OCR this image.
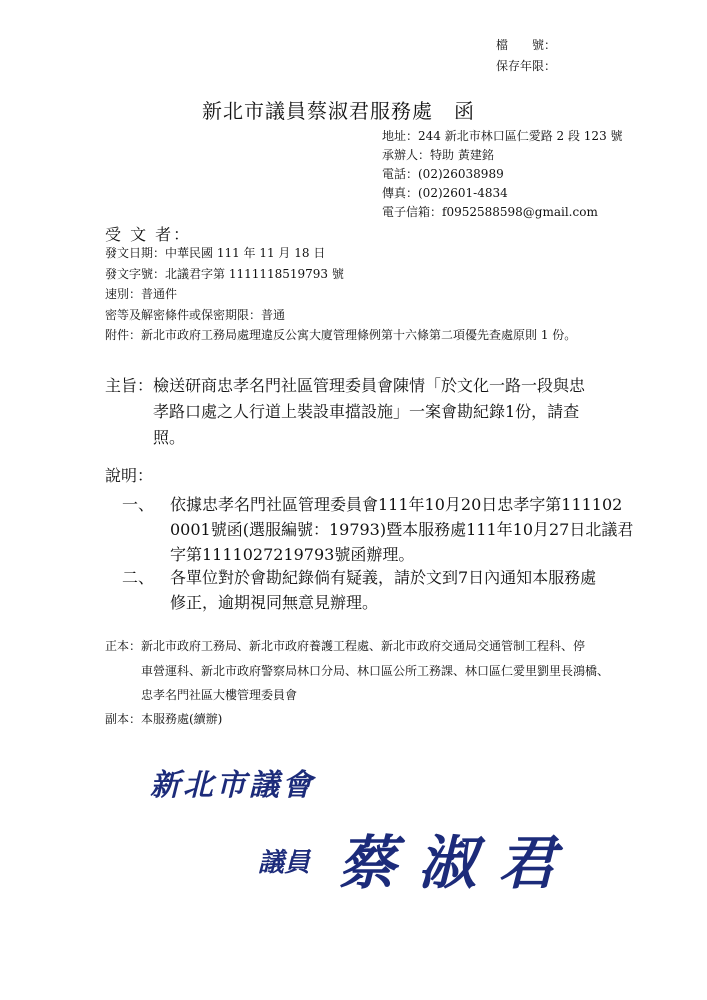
檔　　號：
保存年限：
新北市議員蔡淑君服務處　函
地址：244 新北市林口區仁愛路 2 段 123 號
承辦人：特助 黃建銘
電話：(02)26038989
傳真：(02)2601-4834
電子信箱：f0952588598@gmail.com
受 文 者：
發文日期：中華民國 111 年 11 月 18 日
發文字號：北議君字第 1111118519793 號
速別：普通件
密等及解密條件或保密期限：普通
附件：新北市政府工務局處理違反公寓大廈管理條例第十六條第二項優先查處原則 1 份。
主旨：檢送研商忠孝名門社區管理委員會陳情「於文化一路一段與忠
孝路口處之人行道上裝設車擋設施」一案會勘紀錄1份，請查
照。
說明：
一、 依據忠孝名門社區管理委員會111年10月20日忠孝字第111102
0001號函(選服編號：19793)暨本服務處111年10月27日北議君
字第1111027219793號函辦理。
二、 各單位對於會勘紀錄倘有疑義，請於文到7日內通知本服務處
修正，逾期視同無意見辦理。
正本：新北市政府工務局、新北市政府養護工程處、新北市政府交通局交通管制工程科、停
車營運科、新北市政府警察局林口分局、林口區公所工務課、林口區仁愛里劉里長鴻橋、
忠孝名門社區大樓管理委員會
副本：本服務處(續辦)
新北市議會
議員 蔡淑君
